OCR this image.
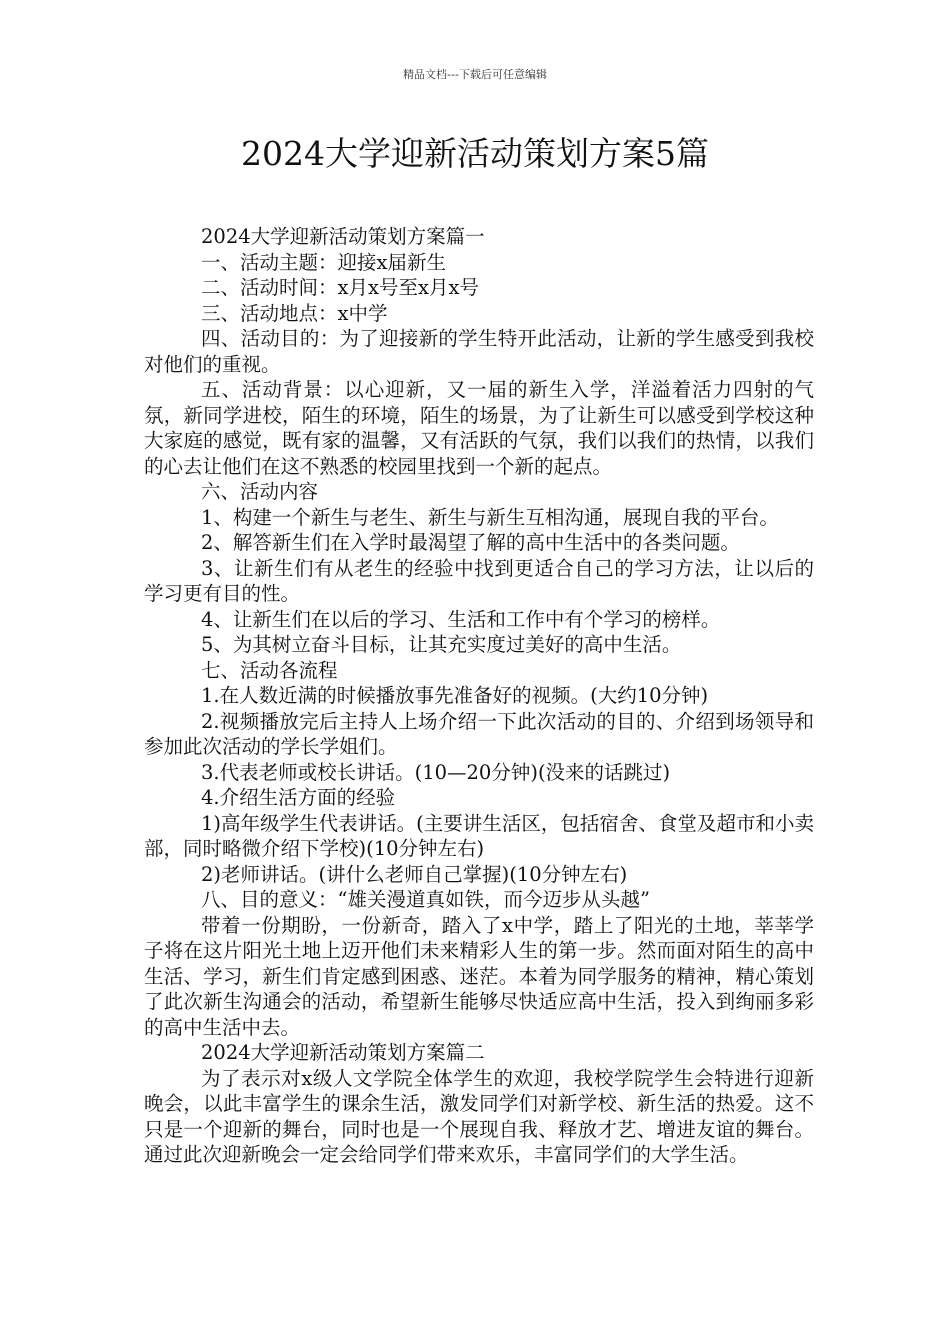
精品文档---下载后可任意编辑
2024大学迎新活动策划方案5篇

2024大学迎新活动策划方案篇一

一、活动主题：迎接x届新生

二、活动时间：x月x号至x月x号

三、活动地点：x中学

四、活动目的：为了迎接新的学生特开此活动，让新的学生感受到我校对他们的重视。

五、活动背景：以心迎新，又一届的新生入学，洋溢着活力四射的气氛，新同学进校，陌生的环境，陌生的场景，为了让新生可以感受到学校这种大家庭的感觉，既有家的温馨，又有活跃的气氛，我们以我们的热情，以我们的心去让他们在这不熟悉的校园里找到一个新的起点。

六、活动内容

1、构建一个新生与老生、新生与新生互相沟通，展现自我的平台。

2、解答新生们在入学时最渴望了解的高中生活中的各类问题。

3、让新生们有从老生的经验中找到更适合自己的学习方法，让以后的学习更有目的性。

4、让新生们在以后的学习、生活和工作中有个学习的榜样。

5、为其树立奋斗目标，让其充实度过美好的高中生活。

七、活动各流程

1.在人数近满的时候播放事先准备好的视频。(大约10分钟)

2.视频播放完后主持人上场介绍一下此次活动的目的、介绍到场领导和参加此次活动的学长学姐们。

3.代表老师或校长讲话。(10—20分钟)(没来的话跳过)

4.介绍生活方面的经验

1)高年级学生代表讲话。(主要讲生活区，包括宿舍、食堂及超市和小卖部，同时略微介绍下学校)(10分钟左右)

2)老师讲话。(讲什么老师自己掌握)(10分钟左右)

八、目的意义：“雄关漫道真如铁，而今迈步从头越”

带着一份期盼，一份新奇，踏入了x中学，踏上了阳光的土地，莘莘学子将在这片阳光土地上迈开他们未来精彩人生的第一步。然而面对陌生的高中生活、学习，新生们肯定感到困惑、迷茫。本着为同学服务的精神，精心策划了此次新生沟通会的活动，希望新生能够尽快适应高中生活，投入到绚丽多彩的高中生活中去。

2024大学迎新活动策划方案篇二

为了表示对x级人文学院全体学生的欢迎，我校学院学生会特进行迎新晚会，以此丰富学生的课余生活，激发同学们对新学校、新生活的热爱。这不只是一个迎新的舞台，同时也是一个展现自我、释放才艺、增进友谊的舞台。通过此次迎新晚会一定会给同学们带来欢乐，丰富同学们的大学生活。
